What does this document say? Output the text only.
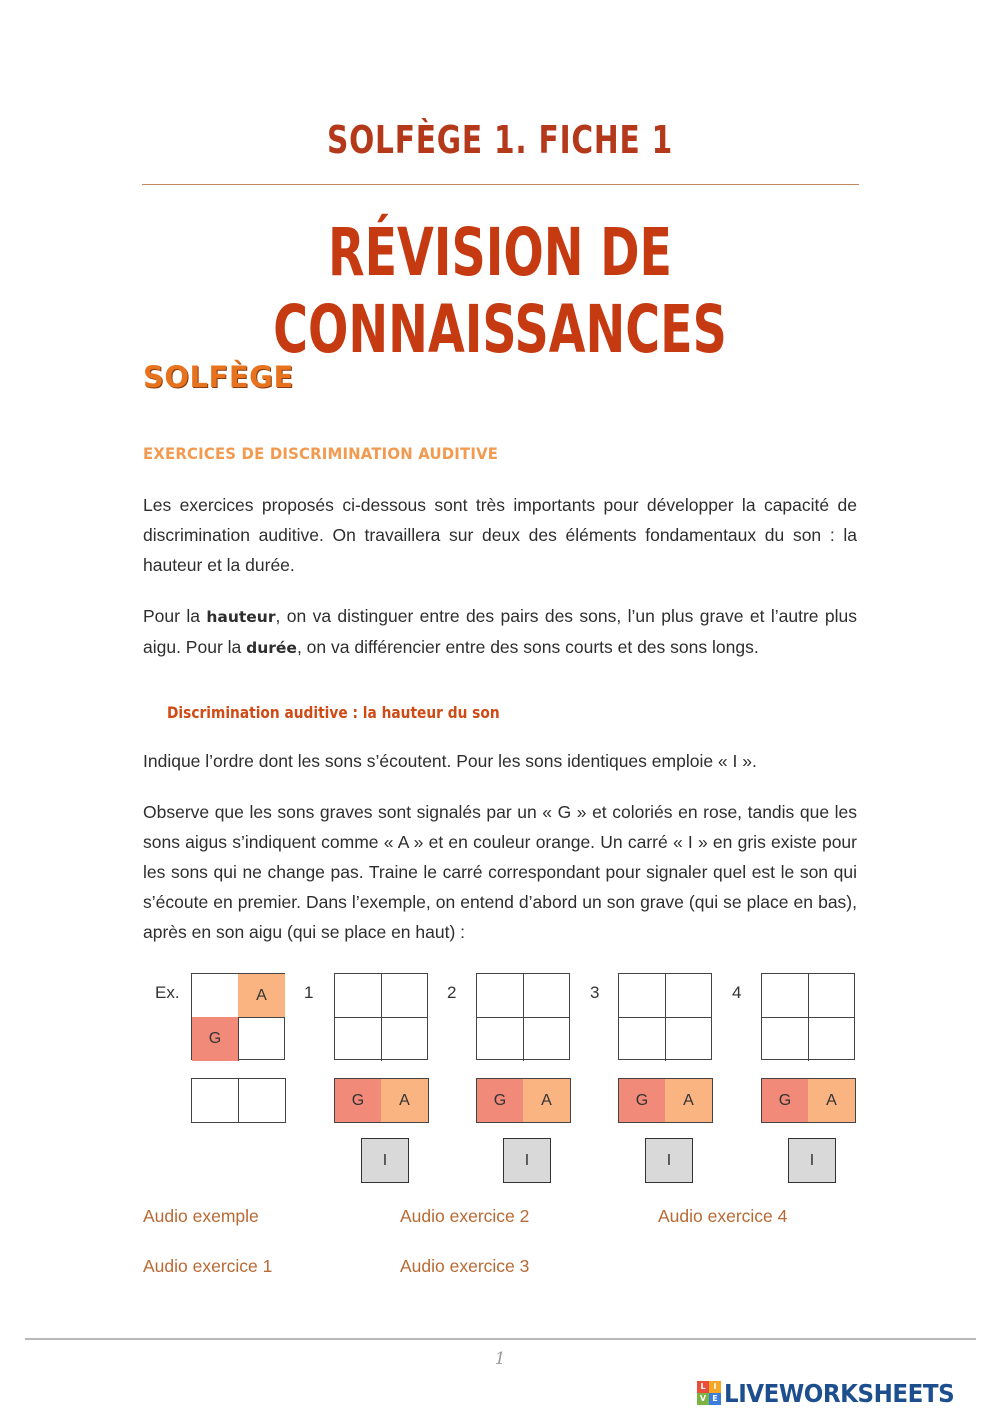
SOLFÈGE 1. FICHE 1
RÉVISION DE CONNAISSANCES
SOLFÈGE
EXERCICES DE DISCRIMINATION AUDITIVE
Les exercices proposés ci-dessous sont très importants pour développer la capacité de discrimination auditive. On travaillera sur deux des éléments fondamentaux du son : la hauteur et la durée.
Pour la hauteur, on va distinguer entre des pairs des sons, l’un plus grave et l’autre plus aigu. Pour la durée, on va différencier entre des sons courts et des sons longs.
Discrimination auditive : la hauteur du son
Indique l’ordre dont les sons s’écoutent. Pour les sons identiques emploie « I ».
Observe que les sons graves sont signalés par un « G » et coloriés en rose, tandis que les sons aigus s’indiquent comme « A » et en couleur orange. Un carré « I » en gris existe pour les sons qui ne change pas. Traine le carré correspondant pour signaler quel est le son qui s’écoute en premier. Dans l’exemple, on entend d’abord un son grave (qui se place en bas), après en son aigu (qui se place en haut) :
Ex.	A
G
1
G	A
I
2
G	A
I
3
G	A
I
4
G	A
I
Audio exemple	Audio exercice 2	Audio exercice 4
Audio exercice 1	Audio exercice 3
1
L I
V E LIVEWORKSHEETS
